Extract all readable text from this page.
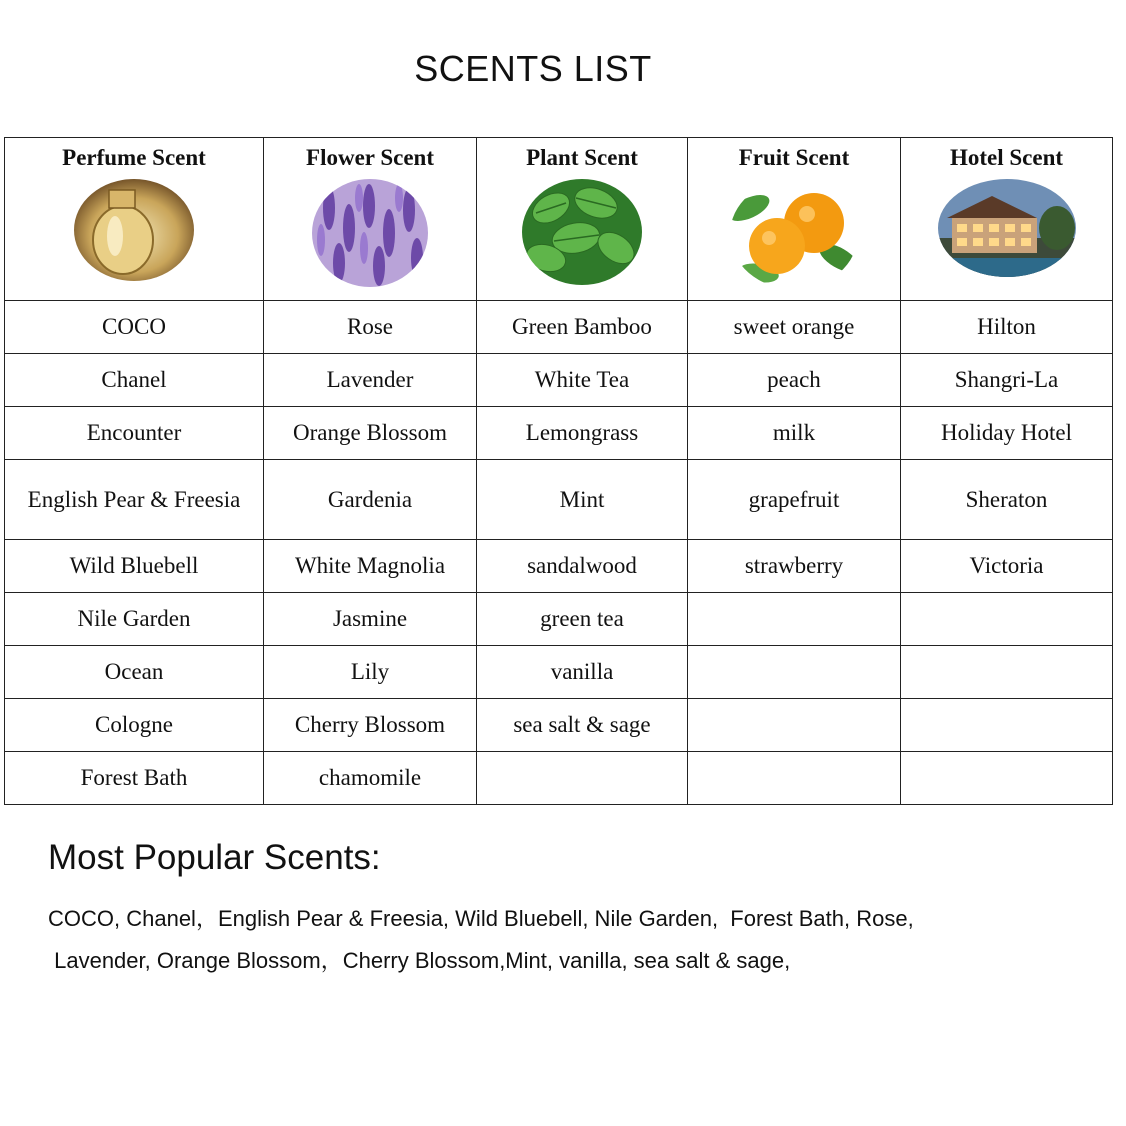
SCENTS LIST
Perfume Scent	Flower Scent	Plant Scent	Fruit Scent	Hotel Scent

COCO	Rose	Green Bamboo	sweet orange	Hilton
Chanel	Lavender	White Tea	peach	Shangri-La
Encounter	Orange Blossom	Lemongrass	milk	Holiday Hotel
English Pear & Freesia	Gardenia	Mint	grapefruit	Sheraton
Wild Bluebell	White Magnolia	sandalwood	strawberry	Victoria
Nile Garden	Jasmine	green tea		
Ocean	Lily	vanilla		
Cologne	Cherry Blossom	sea salt & sage		
Forest Bath	chamomile			
Most Popular Scents:
COCO, Chanel，English Pear & Freesia, Wild Bluebell, Nile Garden,  Forest Bath, Rose,
Lavender, Orange Blossom，Cherry Blossom,Mint, vanilla, sea salt & sage,
